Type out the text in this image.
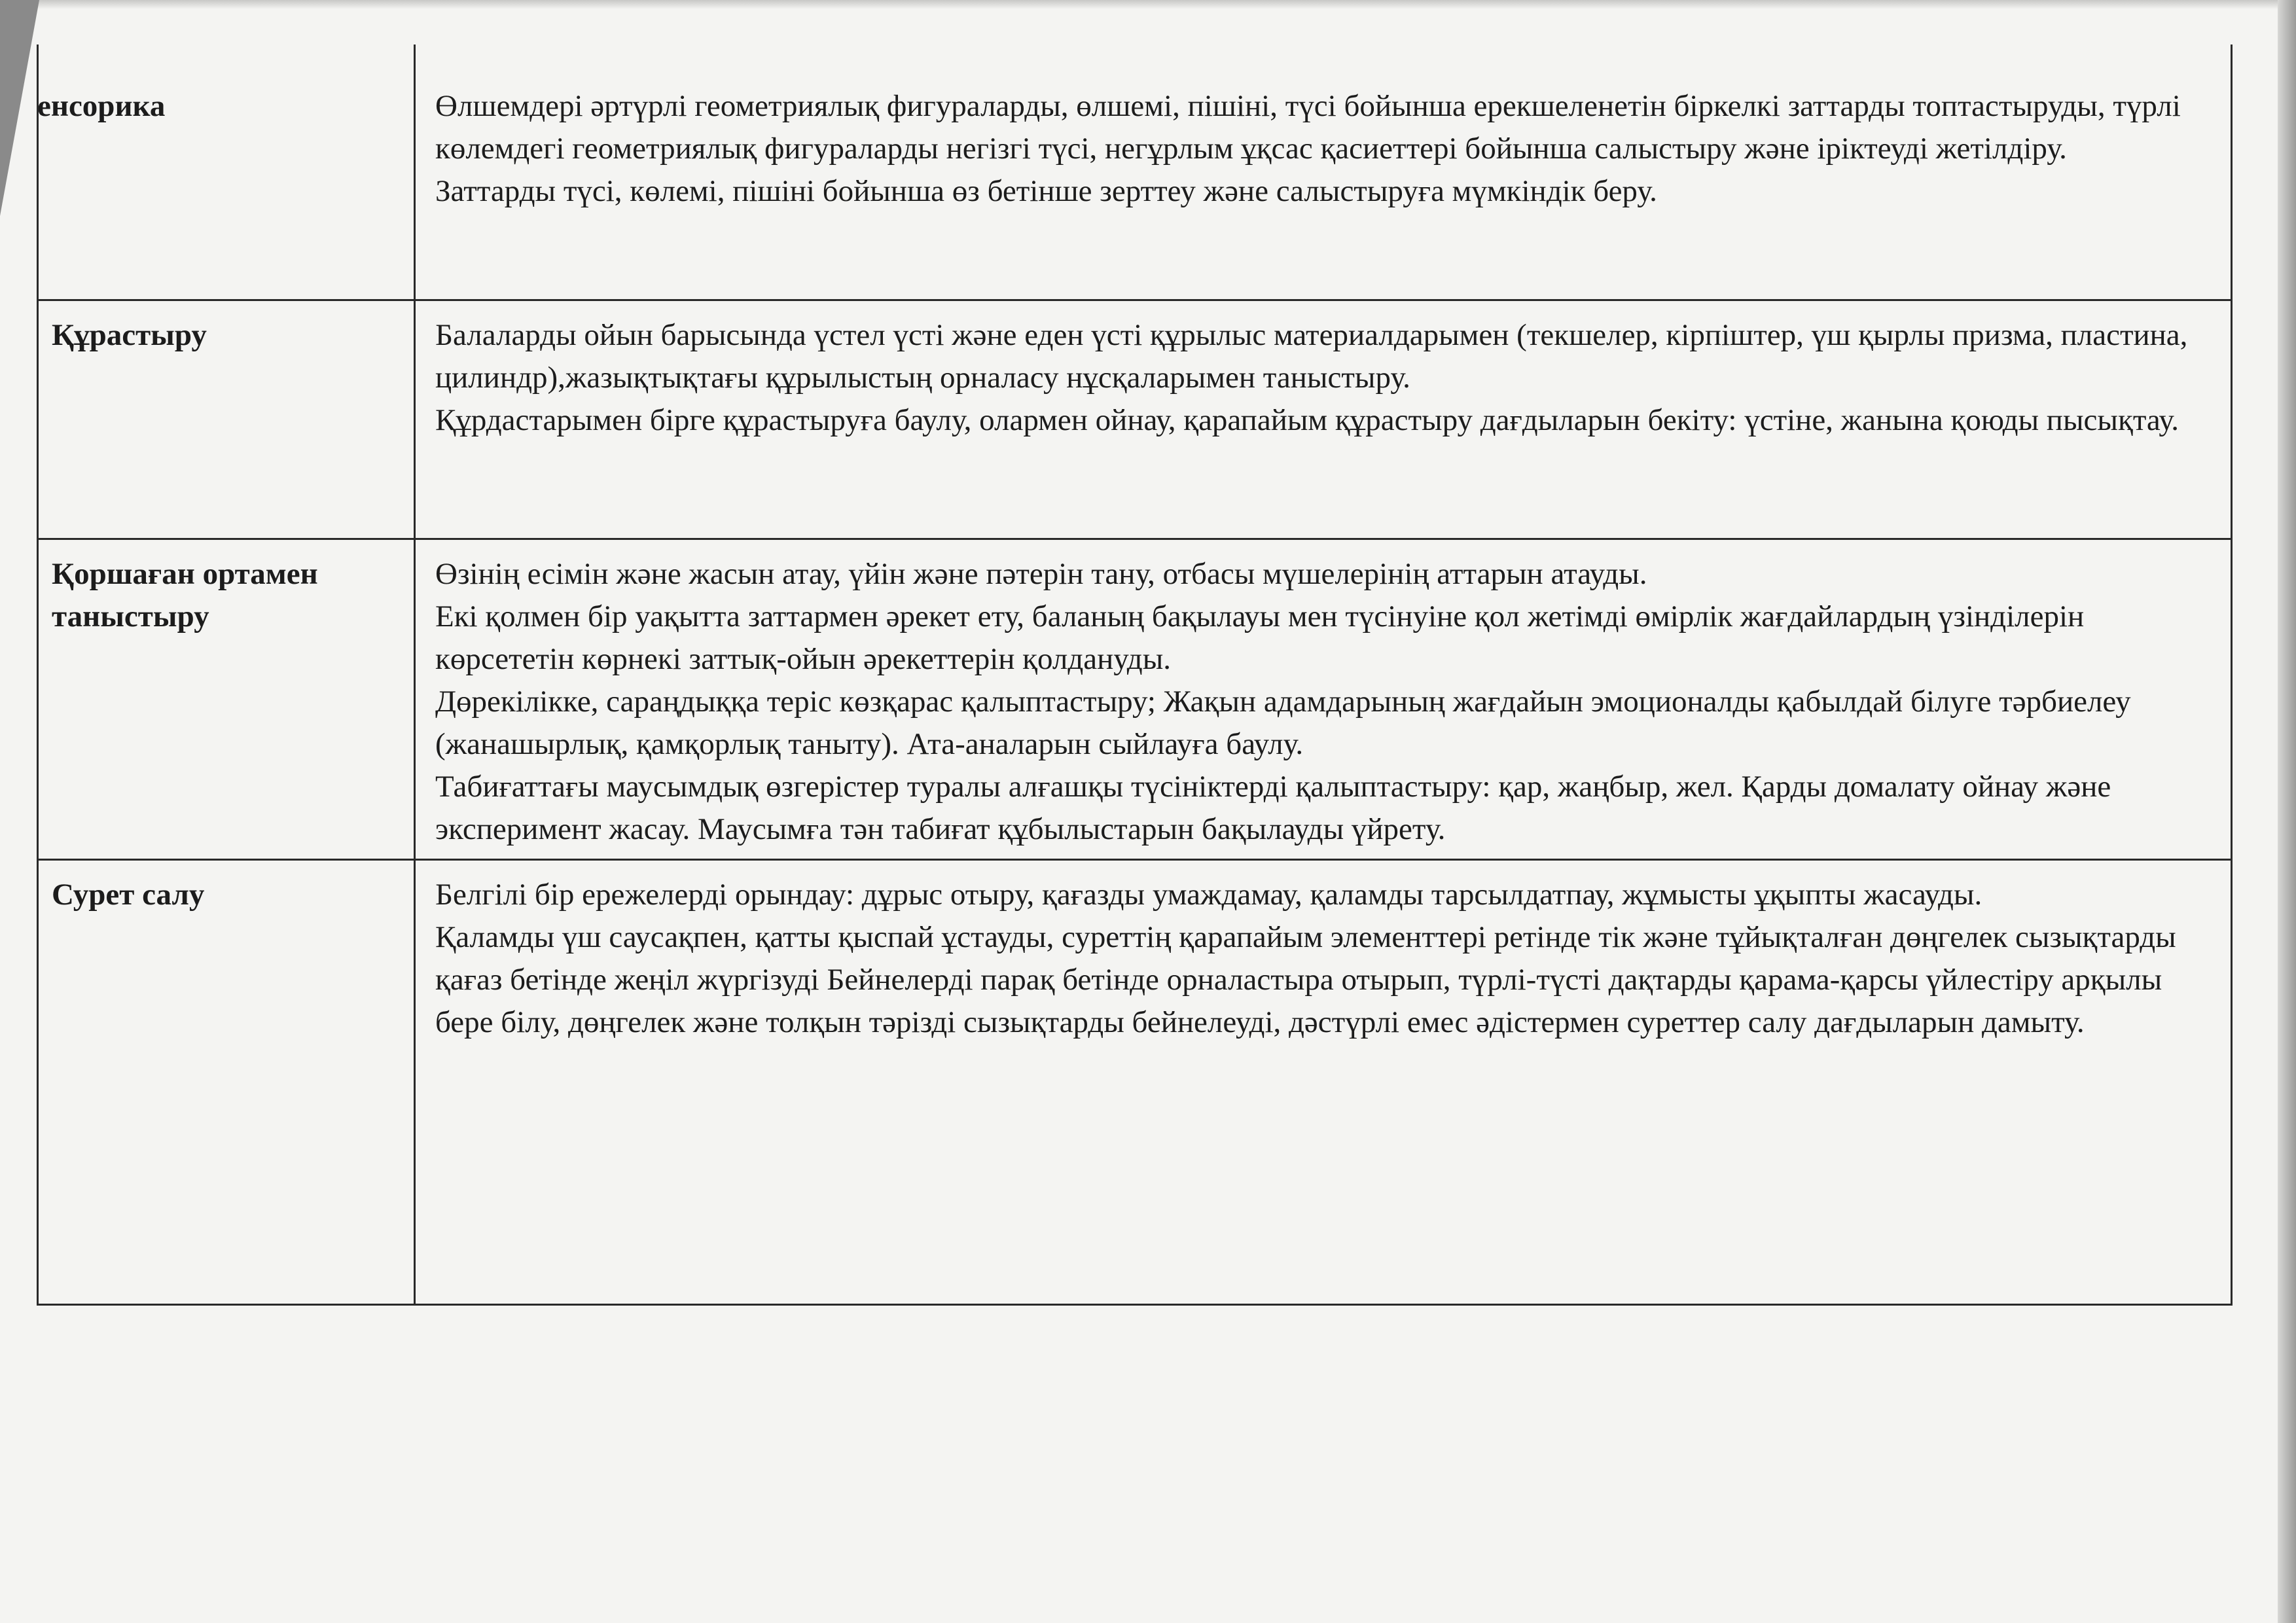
енсорика	Өлшемдері әртүрлі геометриялық фигураларды, өлшемі, пішіні, түсі бойынша ерекшеленетін біркелкі заттарды топтастыруды, түрлі көлемдегі геометриялық фигураларды негізгі түсі, негұрлым ұқсас қасиеттері бойынша салыстыру және іріктеуді жетілдіру.

Заттарды түсі, көлемі, пішіні бойынша өз бетінше зерттеу және салыстыруға мүмкіндік беру.

Құрастыру	Балаларды ойын барысында үстел үсті және еден үсті құрылыс материалдарымен (текшелер, кірпіштер, үш қырлы призма, пластина, цилиндр),жазықтықтағы құрылыстың орналасу нұсқаларымен таныстыру.

Құрдастарымен бірге құрастыруға баулу, олармен ойнау, қарапайым құрастыру дағдыларын бекіту: үстіне, жанына қоюды пысықтау.

Қоршаған ортамен таныстыру	Өзінің есімін және жасын атау, үйін және пәтерін тану, отбасы мүшелерінің аттарын атауды.

Екі қолмен бір уақытта заттармен әрекет ету, баланың бақылауы мен түсінуіне қол жетімді өмірлік жағдайлардың үзінділерін көрсететін көрнекі заттық-ойын әрекеттерін қолдануды.

Дөрекілікке, сараңдыққа теріс көзқарас қалыптастыру; Жақын адамдарының жағдайын эмоционалды қабылдай білуге тәрбиелеу (жанашырлық, қамқорлық таныту). Ата-аналарын сыйлауға баулу.

Табиғаттағы маусымдық өзгерістер туралы алғашқы түсініктерді қалыптастыру: қар, жаңбыр, жел. Қарды домалату ойнау және эксперимент жасау. Маусымға тән табиғат құбылыстарын бақылауды үйрету.

Сурет салу	Белгілі бір ережелерді орындау: дұрыс отыру, қағазды умаждамау, қаламды тарсылдатпау, жұмысты ұқыпты жасауды.

Қаламды үш саусақпен, қатты қыспай ұстауды, суреттің қарапайым элементтері ретінде тік және тұйықталған дөңгелек сызықтарды қағаз бетінде жеңіл жүргізуді Бейнелерді парақ бетінде орналастыра отырып, түрлі-түсті дақтарды қарама-қарсы үйлестіру арқылы бере білу, дөңгелек және толқын тәрізді сызықтарды бейнелеуді, дәстүрлі емес әдістермен суреттер салу дағдыларын дамыту.
